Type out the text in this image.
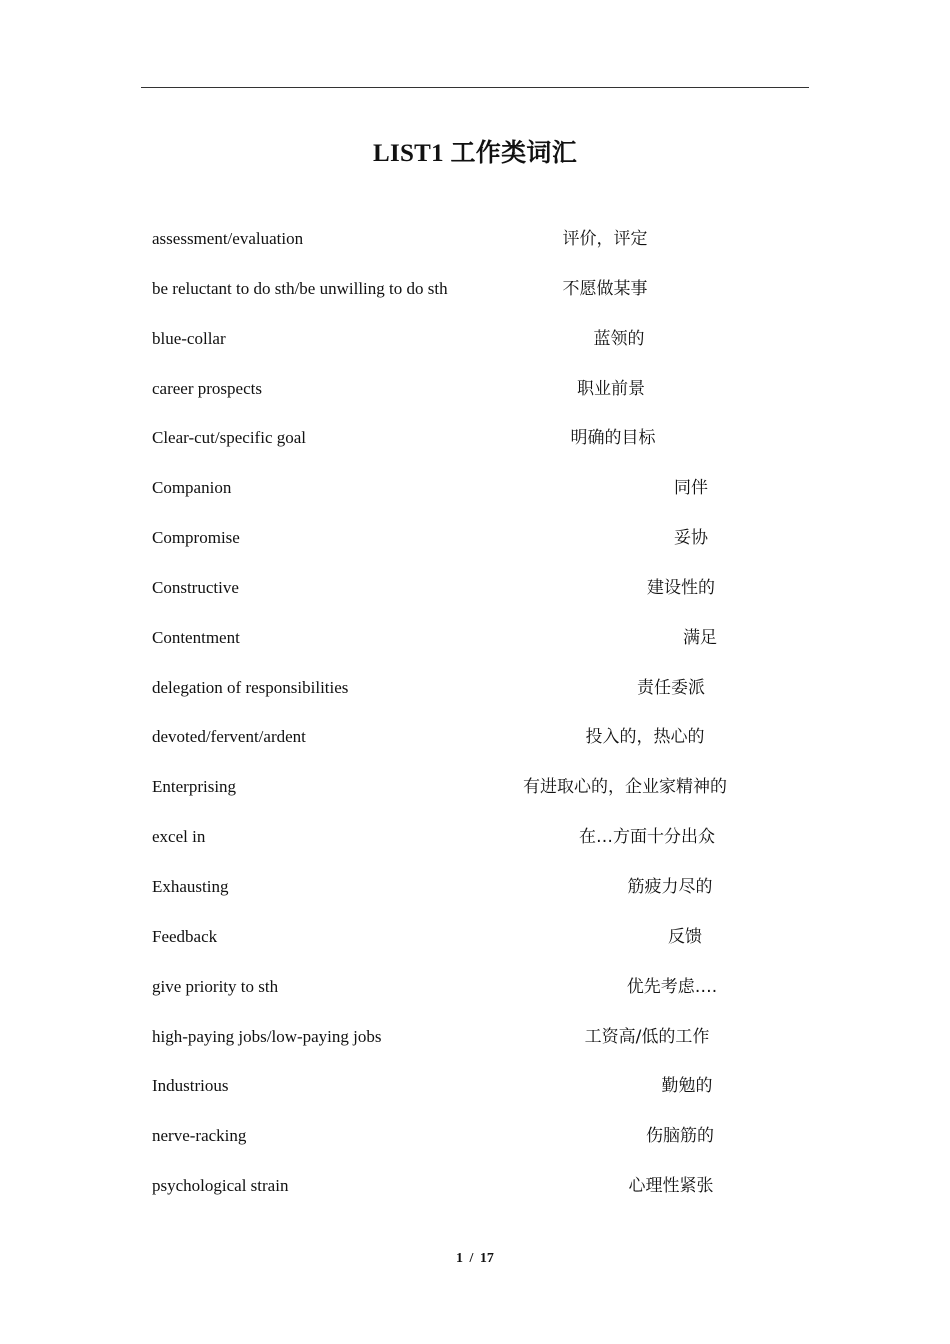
LIST1 工作类词汇
assessment/evaluation	评价，评定
be reluctant to do sth/be unwilling to do sth	不愿做某事
blue-collar	蓝领的
career prospects	职业前景
Clear-cut/specific goal	明确的目标
Companion	同伴
Compromise	妥协
Constructive	建设性的
Contentment	满足
delegation of responsibilities	责任委派
devoted/fervent/ardent	投入的，热心的
Enterprising	有进取心的，企业家精神的
excel in	在…方面十分出众
Exhausting	筋疲力尽的
Feedback	反馈
give priority to sth	优先考虑….
high-paying jobs/low-paying jobs	工资高/低的工作
Industrious	勤勉的
nerve-racking	伤脑筋的
psychological strain	心理性紧张
1 / 17
